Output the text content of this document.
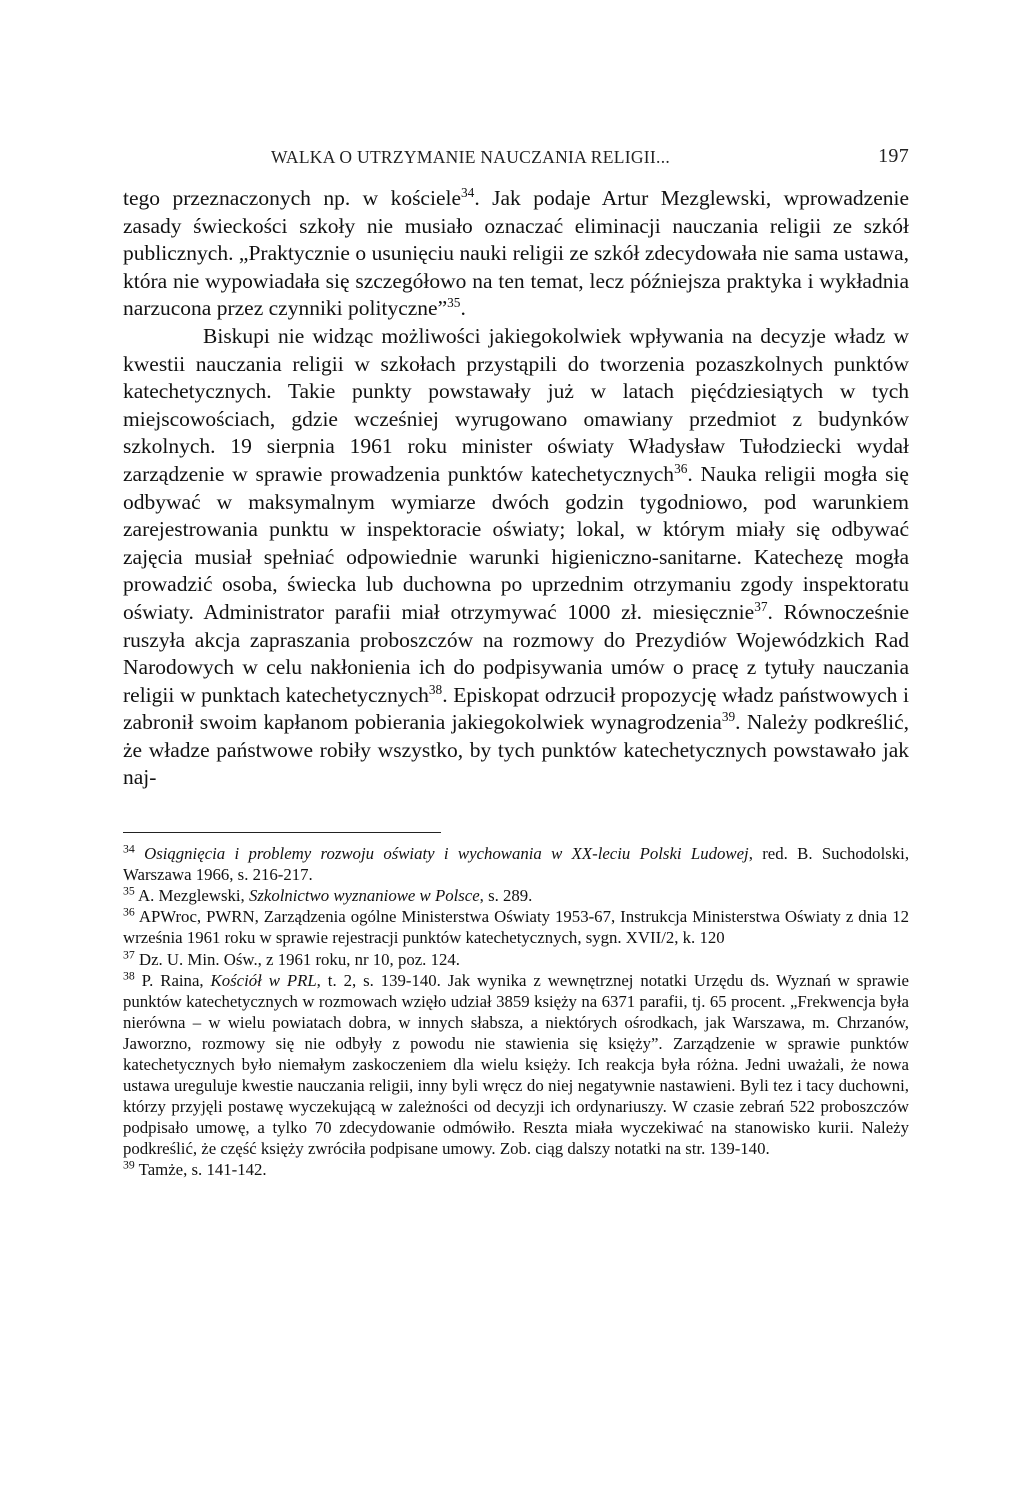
WALKA O UTRZYMANIE NAUCZANIA RELIGII...	197

tego przeznaczonych np. w kościele$^{34}$. Jak podaje Artur Mezglewski, wprowadzenie zasady świeckości szkoły nie musiało oznaczać eliminacji nauczania religii ze szkół publicznych. „Praktycznie o usunięciu nauki religii ze szkół zdecydowała nie sama ustawa, która nie wypowiadała się szczegółowo na ten temat, lecz późniejsza praktyka i wykładnia narzucona przez czynniki polityczne”$^{35}$.

Biskupi nie widząc możliwości jakiegokolwiek wpływania na decyzje władz w kwestii nauczania religii w szkołach przystąpili do tworzenia pozaszkolnych punktów katechetycznych. Takie punkty powstawały już w latach pięćdziesiątych w tych miejscowościach, gdzie wcześniej wyrugowano omawiany przedmiot z budynków szkolnych. 19 sierpnia 1961 roku minister oświaty Władysław Tułodziecki wydał zarządzenie w sprawie prowadzenia punktów katechetycznych$^{36}$. Nauka religii mogła się odbywać w maksymalnym wymiarze dwóch godzin tygodniowo, pod warunkiem zarejestrowania punktu w inspektoracie oświaty; lokal, w którym miały się odbywać zajęcia musiał spełniać odpowiednie warunki higieniczno-sanitarne. Katechezę mogła prowadzić osoba, świecka lub duchowna po uprzednim otrzymaniu zgody inspektoratu oświaty. Administrator parafii miał otrzymywać 1000 zł. miesięcznie$^{37}$. Równocześnie ruszyła akcja zapraszania proboszczów na rozmowy do Prezydiów Wojewódzkich Rad Narodowych w celu nakłonienia ich do podpisywania umów o pracę z tytuły nauczania religii w punktach katechetycznych$^{38}$. Episkopat odrzucił propozycję władz państwowych i zabronił swoim kapłanom pobierania jakiegokolwiek wynagrodzenia$^{39}$. Należy podkreślić, że władze państwowe robiły wszystko, by tych punktów katechetycznych powstawało jak naj-

$^{34}$ Osiągnięcia i problemy rozwoju oświaty i wychowania w XX-leciu Polski Ludowej, red. B. Suchodolski, Warszawa 1966, s. 216-217.

$^{35}$ A. Mezglewski, Szkolnictwo wyznaniowe w Polsce, s. 289.

$^{36}$ APWroc, PWRN, Zarządzenia ogólne Ministerstwa Oświaty 1953-67, Instrukcja Ministerstwa Oświaty z dnia 12 września 1961 roku w sprawie rejestracji punktów katechetycznych, sygn. XVII/2, k. 120

$^{37}$ Dz. U. Min. Ośw., z 1961 roku, nr 10, poz. 124.

$^{38}$ P. Raina, Kościół w PRL, t. 2, s. 139-140. Jak wynika z wewnętrznej notatki Urzędu ds. Wyznań w sprawie punktów katechetycznych w rozmowach wzięło udział 3859 księży na 6371 parafii, tj. 65 procent. „Frekwencja była nierówna – w wielu powiatach dobra, w innych słabsza, a niektórych ośrodkach, jak Warszawa, m. Chrzanów, Jaworzno, rozmowy się nie odbyły z powodu nie stawienia się księży”. Zarządzenie w sprawie punktów katechetycznych było niemałym zaskoczeniem dla wielu księży. Ich reakcja była różna. Jedni uważali, że nowa ustawa ureguluje kwestie nauczania religii, inny byli wręcz do niej negatywnie nastawieni. Byli tez i tacy duchowni, którzy przyjęli postawę wyczekującą w zależności od decyzji ich ordynariuszy. W czasie zebrań 522 proboszczów podpisało umowę, a tylko 70 zdecydowanie odmówiło. Reszta miała wyczekiwać na stanowisko kurii. Należy podkreślić, że część księży zwróciła podpisane umowy. Zob. ciąg dalszy notatki na str. 139-140.

$^{39}$ Tamże, s. 141-142.
